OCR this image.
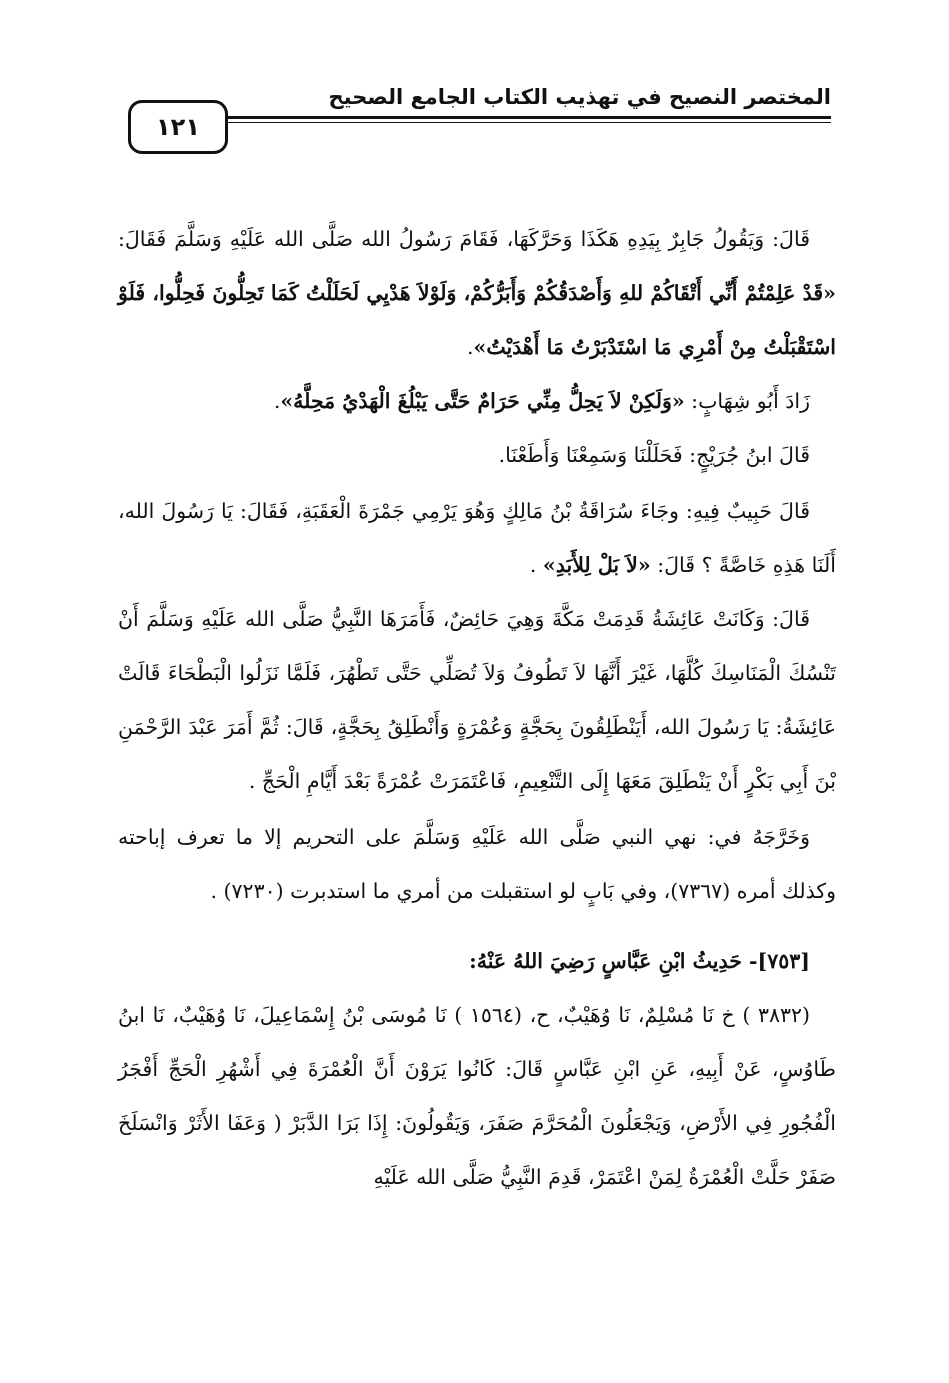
المختصر النصيح في تهذيب الكتاب الجامع الصحيح
١٢١

قَالَ: وَيَقُولُ جَابِرٌ بِيَدِهِ هَكَذَا وَحَرَّكَهَا، فَقَامَ رَسُولُ الله صَلَّى الله عَلَيْهِ وَسَلَّمَ فَقَالَ: «قَدْ عَلِمْتُمْ أَنِّي أَتْقَاكُمْ للهِ وَأَصْدَقُكُمْ وَأَبَرُّكُمْ، وَلَوْلاَ هَدْيِي لَحَلَلْتُ كَمَا تَحِلُّونَ فَحِلُّوا، فَلَوْ اسْتَقْبَلْتُ مِنْ أَمْرِي مَا اسْتَدْبَرْتُ مَا أَهْدَيْتُ».

زَادَ أَبُو شِهَابٍ: «وَلَكِنْ لاَ يَحِلُّ مِنِّي حَرَامٌ حَتَّى يَبْلُغَ الْهَدْيُ مَحِلَّهُ».

قَالَ ابنُ جُرَيْجٍ: فَحَلَلْنَا وَسَمِعْنَا وَأَطَعْنَا.

قَالَ حَبِيبٌ فِيهِ: وجَاءَ سُرَاقَةُ بْنُ مَالِكٍ وَهُوَ يَرْمِي جَمْرَةَ الْعَقَبَةِ، فَقَالَ: يَا رَسُولَ الله، أَلَنَا هَذِهِ خَاصَّةً ؟ قَالَ: «لاَ بَلْ لِلأَبَدِ» .

قَالَ: وَكَانَتْ عَائِشَةُ قَدِمَتْ مَكَّةَ وَهِيَ حَائِضٌ، فَأَمَرَهَا النَّبِيُّ صَلَّى الله عَلَيْهِ وَسَلَّمَ أَنْ تَنْسُكَ الْمَنَاسِكَ كُلَّهَا، غَيْرَ أَنَّهَا لاَ تَطُوفُ وَلاَ تُصَلِّي حَتَّى تَطْهُرَ، فَلَمَّا نَزَلُوا الْبَطْحَاءَ قَالَتْ عَائِشَةُ: يَا رَسُولَ الله، أَيَنْطَلِقُونَ بِحَجَّةٍ وَعُمْرَةٍ وَأَنْطَلِقُ بِحَجَّةٍ، قَالَ: ثُمَّ أَمَرَ عَبْدَ الرَّحْمَنِ بْنَ أَبِي بَكْرٍ أَنْ يَنْطَلِقَ مَعَهَا إِلَى التَّنْعِيمِ، فَاعْتَمَرَتْ عُمْرَةً بَعْدَ أَيَّامِ الْحَجِّ .

وَخَرَّجَهُ في: نهي النبي صَلَّى الله عَلَيْهِ وَسَلَّمَ على التحريم إلا ما تعرف إباحته وكذلك أمره (٧٣٦٧)، وفي بَابٍ لو استقبلت من أمري ما استدبرت (٧٢٣٠) .

[٧٥٣]- حَدِيثُ ابْنِ عَبَّاسٍ رَضِيَ اللهُ عَنْهُ:

(٣٨٣٢ ) خ نَا مُسْلِمٌ، نَا وُهَيْبٌ، ح، (١٥٦٤ ) نَا مُوسَى بْنُ إِسْمَاعِيلَ، نَا وُهَيْبٌ، نَا ابنُ طَاوُسٍ، عَنْ أَبِيهِ، عَنِ ابْنِ عَبَّاسٍ قَالَ: كَانُوا يَرَوْنَ أَنَّ الْعُمْرَةَ فِي أَشْهُرِ الْحَجِّ أَفْجَرُ الْفُجُورِ فِي الأَرْضِ، وَيَجْعَلُونَ الْمُحَرَّمَ صَفَرَ، وَيَقُولُونَ: إِذَا بَرَا الدَّبَرْ ( وَعَفَا الأَثَرْ وَانْسَلَخَ صَفَرْ حَلَّتْ الْعُمْرَةُ لِمَنْ اعْتَمَرْ، قَدِمَ النَّبِيُّ صَلَّى الله عَلَيْهِ
